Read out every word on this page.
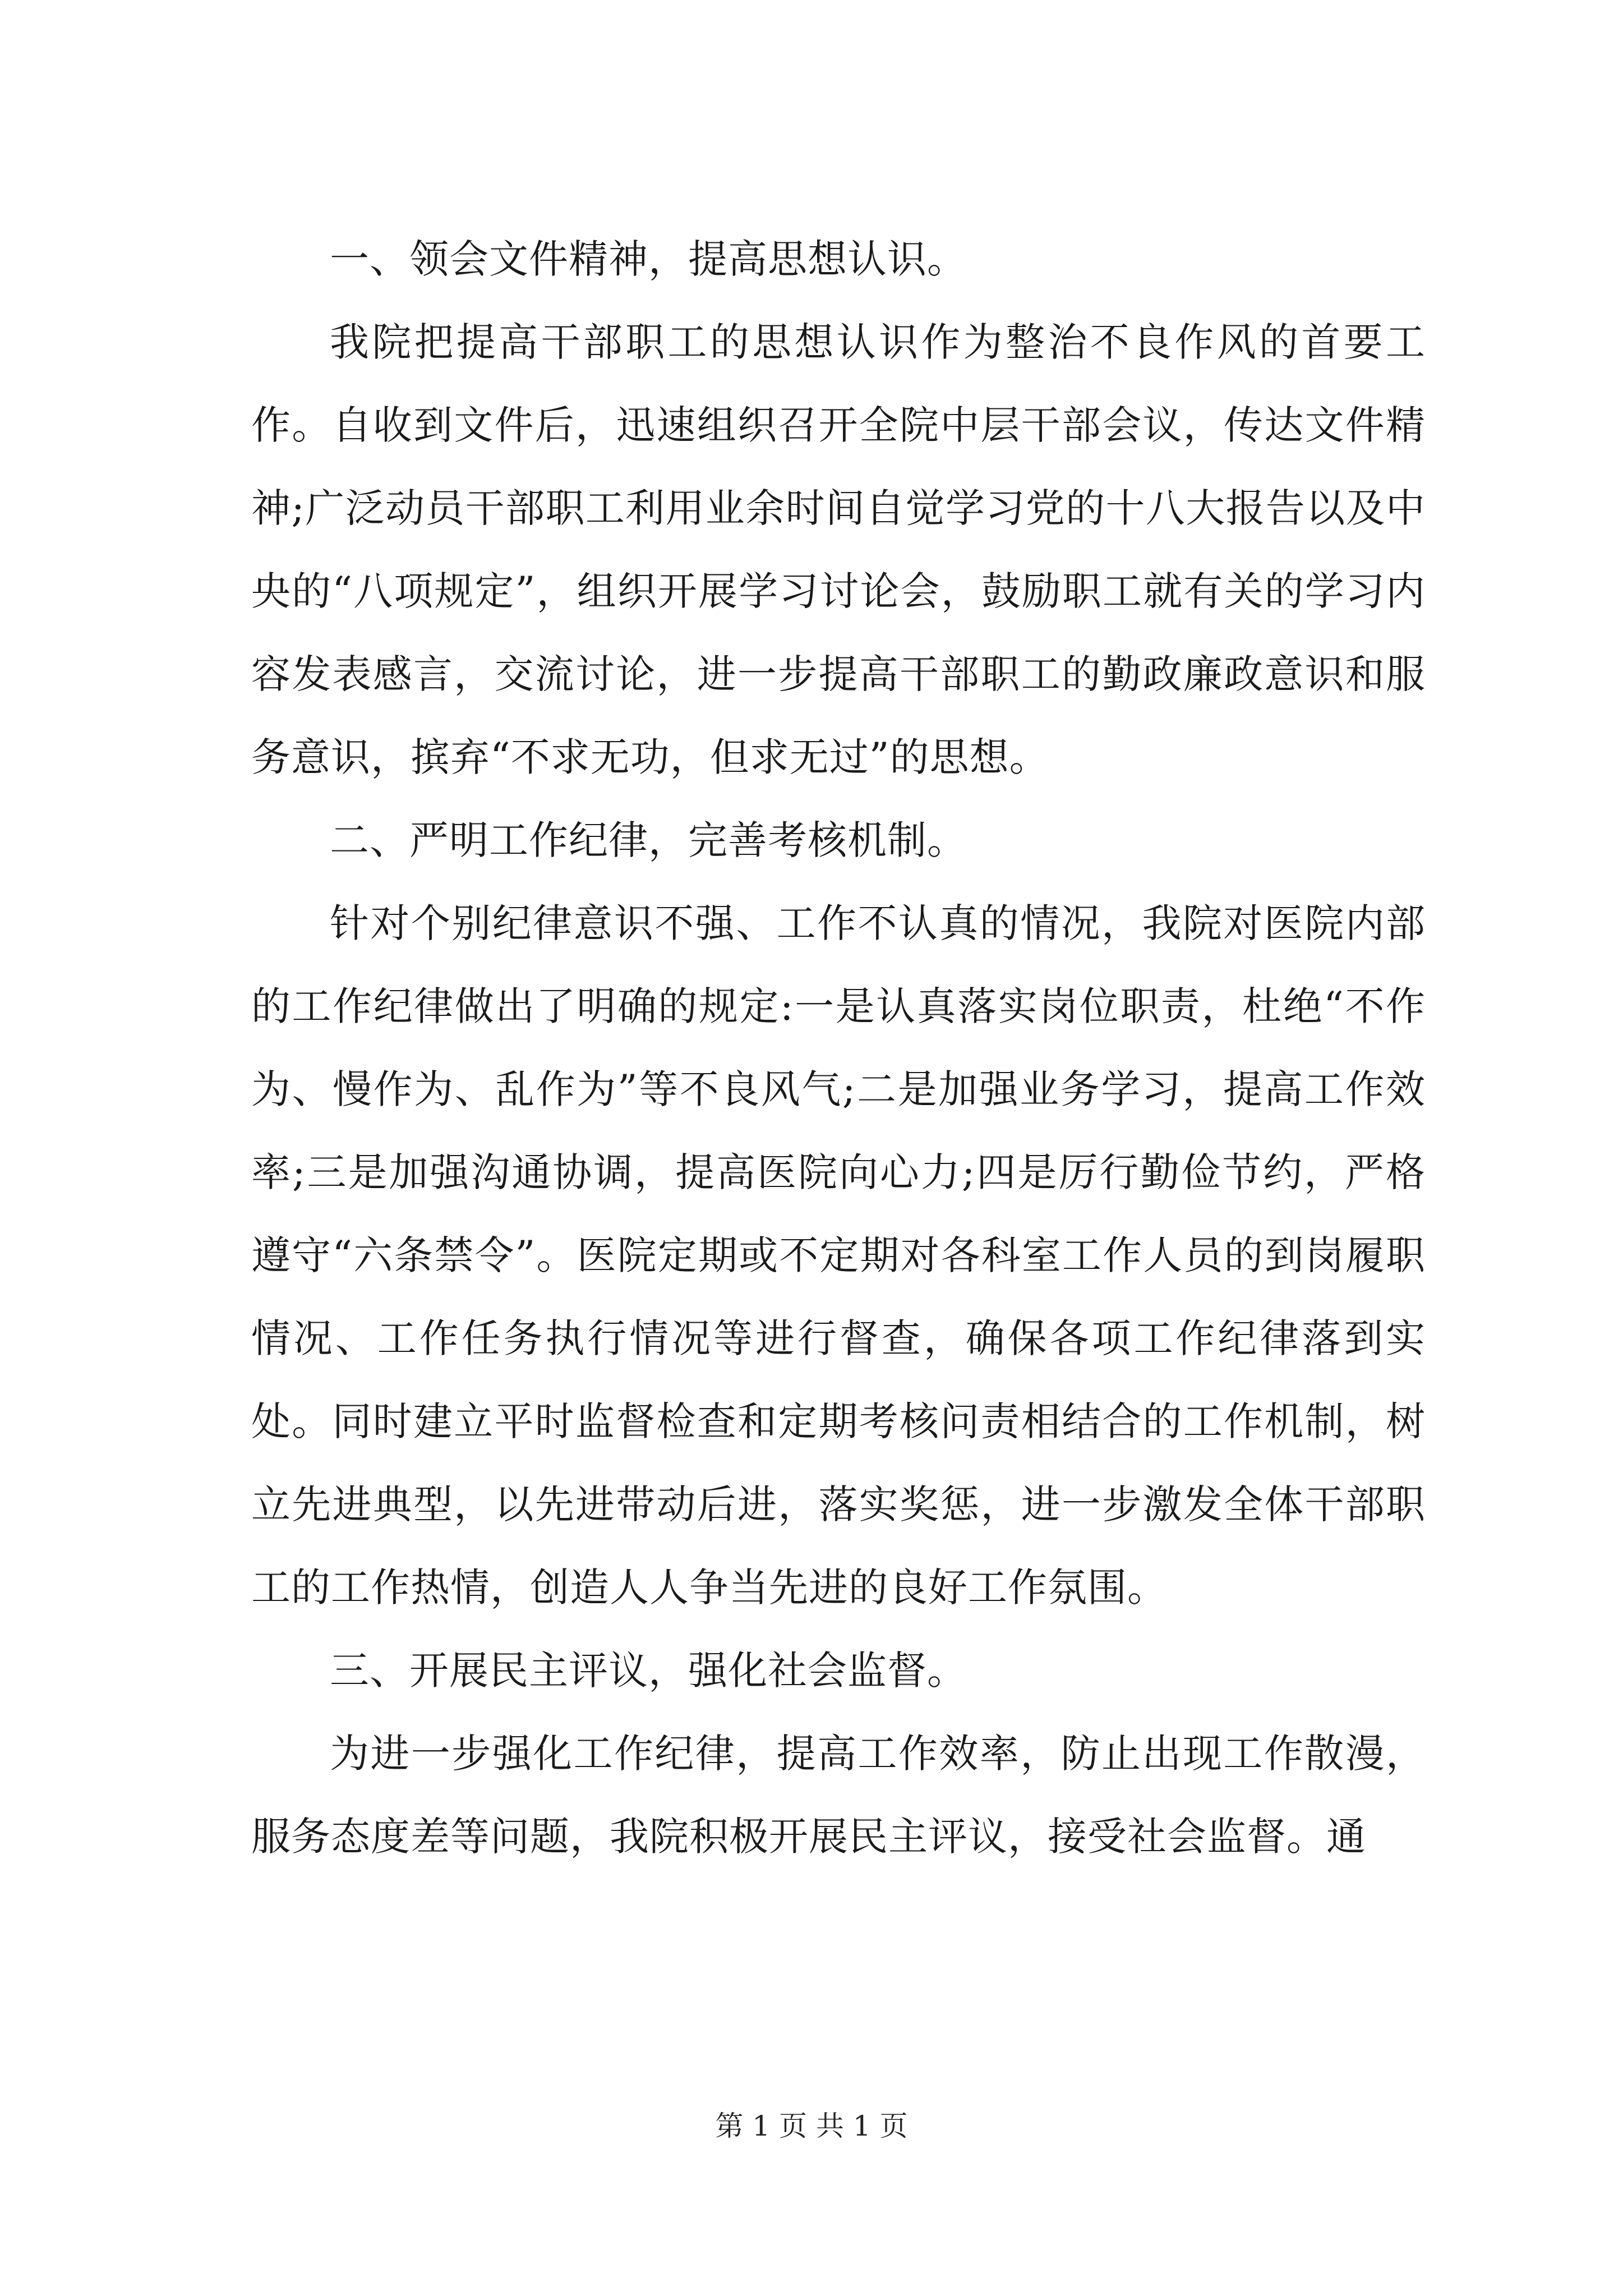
一、领会文件精神，提高思想认识。

我院把提高干部职工的思想认识作为整治不良作风的首要工作。自收到文件后，迅速组织召开全院中层干部会议，传达文件精神;广泛动员干部职工利用业余时间自觉学习党的十八大报告以及中央的“八项规定”，组织开展学习讨论会，鼓励职工就有关的学习内容发表感言，交流讨论，进一步提高干部职工的勤政廉政意识和服务意识，摈弃“不求无功，但求无过”的思想。

二、严明工作纪律，完善考核机制。

针对个别纪律意识不强、工作不认真的情况，我院对医院内部的工作纪律做出了明确的规定:一是认真落实岗位职责，杜绝“不作为、慢作为、乱作为”等不良风气;二是加强业务学习，提高工作效率;三是加强沟通协调，提高医院向心力;四是厉行勤俭节约，严格遵守“六条禁令”。医院定期或不定期对各科室工作人员的到岗履职情况、工作任务执行情况等进行督查，确保各项工作纪律落到实处。同时建立平时监督检查和定期考核问责相结合的工作机制，树立先进典型，以先进带动后进，落实奖惩，进一步激发全体干部职工的工作热情，创造人人争当先进的良好工作氛围。

三、开展民主评议，强化社会监督。

为进一步强化工作纪律，提高工作效率，防止出现工作散漫，服务态度差等问题，我院积极开展民主评议，接受社会监督。通

第 1 页 共 1 页
